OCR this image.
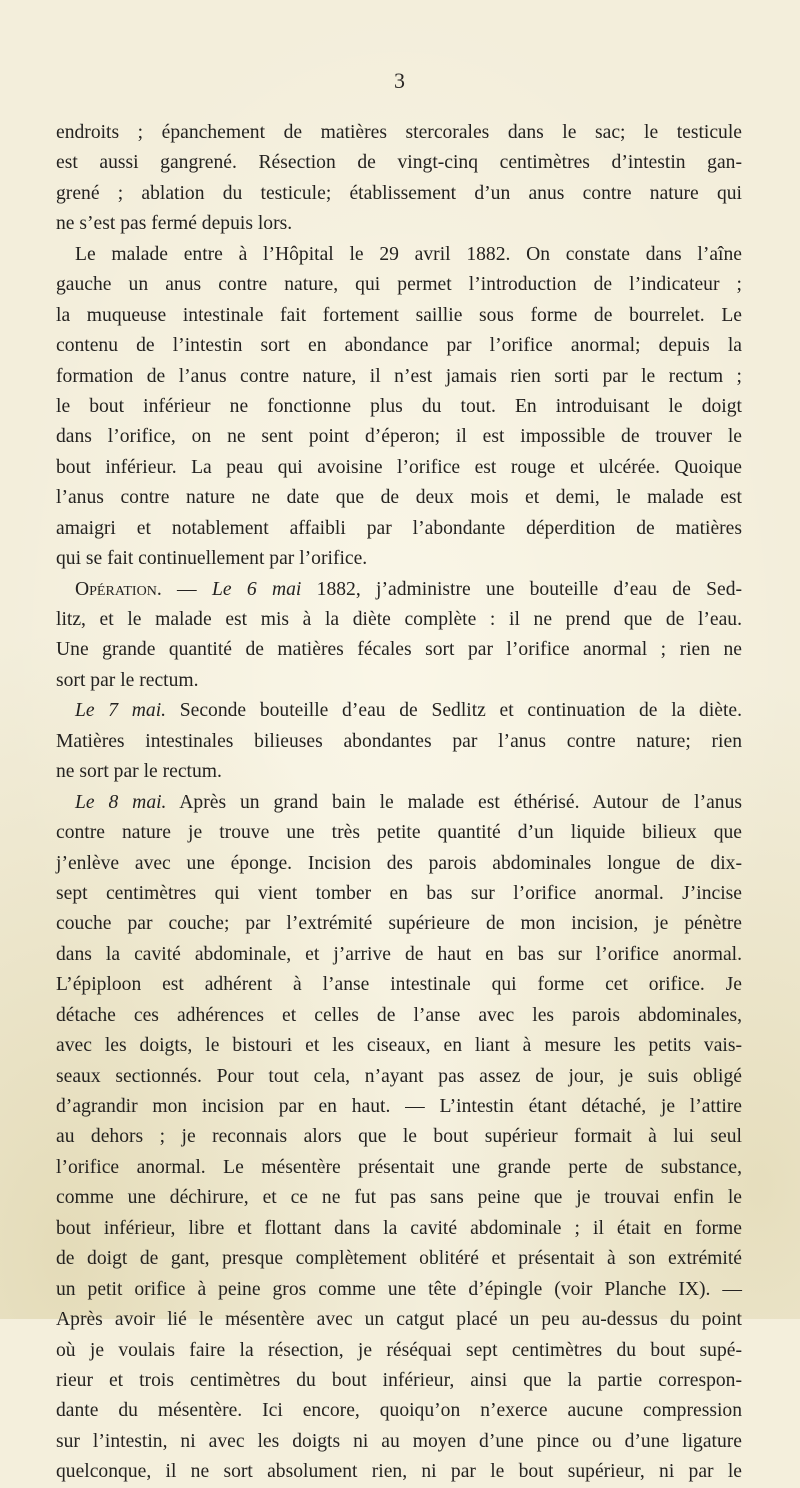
3
endroits ; épanchement de matières stercorales dans le sac; le testicule
est aussi gangrené. Résection de vingt-cinq centimètres d’intestin gan-
grené ; ablation du testicule; établissement d’un anus contre nature qui
ne s’est pas fermé depuis lors.
Le malade entre à l’Hôpital le 29 avril 1882. On constate dans l’aîne
gauche un anus contre nature, qui permet l’introduction de l’indicateur ;
la muqueuse intestinale fait fortement saillie sous forme de bourrelet. Le
contenu de l’intestin sort en abondance par l’orifice anormal; depuis la
formation de l’anus contre nature, il n’est jamais rien sorti par le rectum ;
le bout inférieur ne fonctionne plus du tout. En introduisant le doigt
dans l’orifice, on ne sent point d’éperon; il est impossible de trouver le
bout inférieur. La peau qui avoisine l’orifice est rouge et ulcérée. Quoique
l’anus contre nature ne date que de deux mois et demi, le malade est
amaigri et notablement affaibli par l’abondante déperdition de matières
qui se fait continuellement par l’orifice.
Opération. — Le 6 mai 1882, j’administre une bouteille d’eau de Sed-
litz, et le malade est mis à la diète complète : il ne prend que de l’eau.
Une grande quantité de matières fécales sort par l’orifice anormal ; rien ne
sort par le rectum.
Le 7 mai. Seconde bouteille d’eau de Sedlitz et continuation de la diète.
Matières intestinales bilieuses abondantes par l’anus contre nature; rien
ne sort par le rectum.
Le 8 mai. Après un grand bain le malade est éthérisé. Autour de l’anus
contre nature je trouve une très petite quantité d’un liquide bilieux que
j’enlève avec une éponge. Incision des parois abdominales longue de dix-
sept centimètres qui vient tomber en bas sur l’orifice anormal. J’incise
couche par couche; par l’extrémité supérieure de mon incision, je pénètre
dans la cavité abdominale, et j’arrive de haut en bas sur l’orifice anormal.
L’épiploon est adhérent à l’anse intestinale qui forme cet orifice. Je
détache ces adhérences et celles de l’anse avec les parois abdominales,
avec les doigts, le bistouri et les ciseaux, en liant à mesure les petits vais-
seaux sectionnés. Pour tout cela, n’ayant pas assez de jour, je suis obligé
d’agrandir mon incision par en haut. — L’intestin étant détaché, je l’attire
au dehors ; je reconnais alors que le bout supérieur formait à lui seul
l’orifice anormal. Le mésentère présentait une grande perte de substance,
comme une déchirure, et ce ne fut pas sans peine que je trouvai enfin le
bout inférieur, libre et flottant dans la cavité abdominale ; il était en forme
de doigt de gant, presque complètement oblitéré et présentait à son extrémité
un petit orifice à peine gros comme une tête d’épingle (voir Planche IX). —
Après avoir lié le mésentère avec un catgut placé un peu au-dessus du point
où je voulais faire la résection, je réséquai sept centimètres du bout supé-
rieur et trois centimètres du bout inférieur, ainsi que la partie correspon-
dante du mésentère. Ici encore, quoiqu’on n’exerce aucune compression
sur l’intestin, ni avec les doigts ni au moyen d’une pince ou d’une ligature
quelconque, il ne sort absolument rien, ni par le bout supérieur, ni par le
